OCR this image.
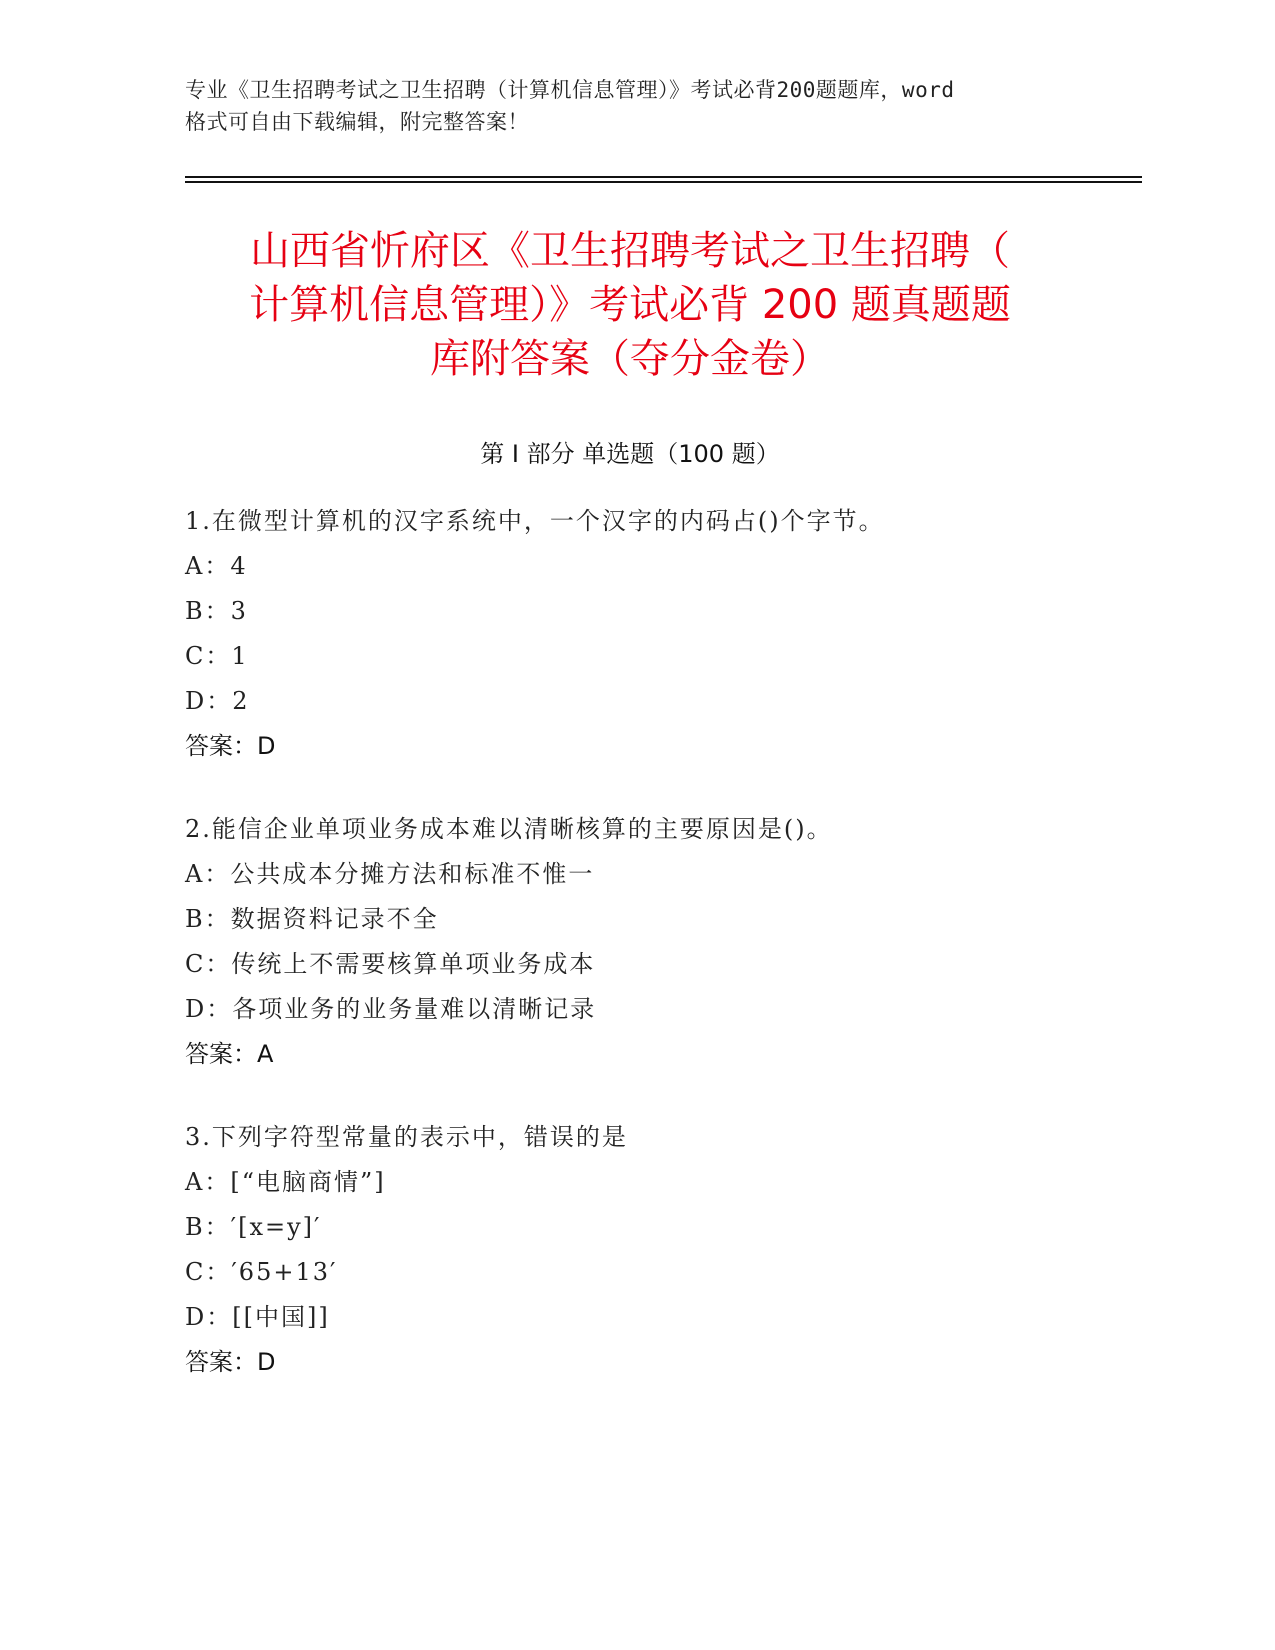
专业《卫生招聘考试之卫生招聘（计算机信息管理）》考试必背200题题库，word
格式可自由下载编辑，附完整答案！
山西省忻府区《卫生招聘考试之卫生招聘（
计算机信息管理）》考试必背 200 题真题题
库附答案（夺分金卷）
第 I 部分 单选题（100 题）
1.在微型计算机的汉字系统中，一个汉字的内码占()个字节。
A：4
B：3
C：1
D：2
答案：D
2.能信企业单项业务成本难以清晰核算的主要原因是()。
A：公共成本分摊方法和标准不惟一
B：数据资料记录不全
C：传统上不需要核算单项业务成本
D：各项业务的业务量难以清晰记录
答案：A
3.下列字符型常量的表示中，错误的是
A：[“电脑商情”]
B：′[x=y]′
C：′65+13′
D：[[中国]]
答案：D
